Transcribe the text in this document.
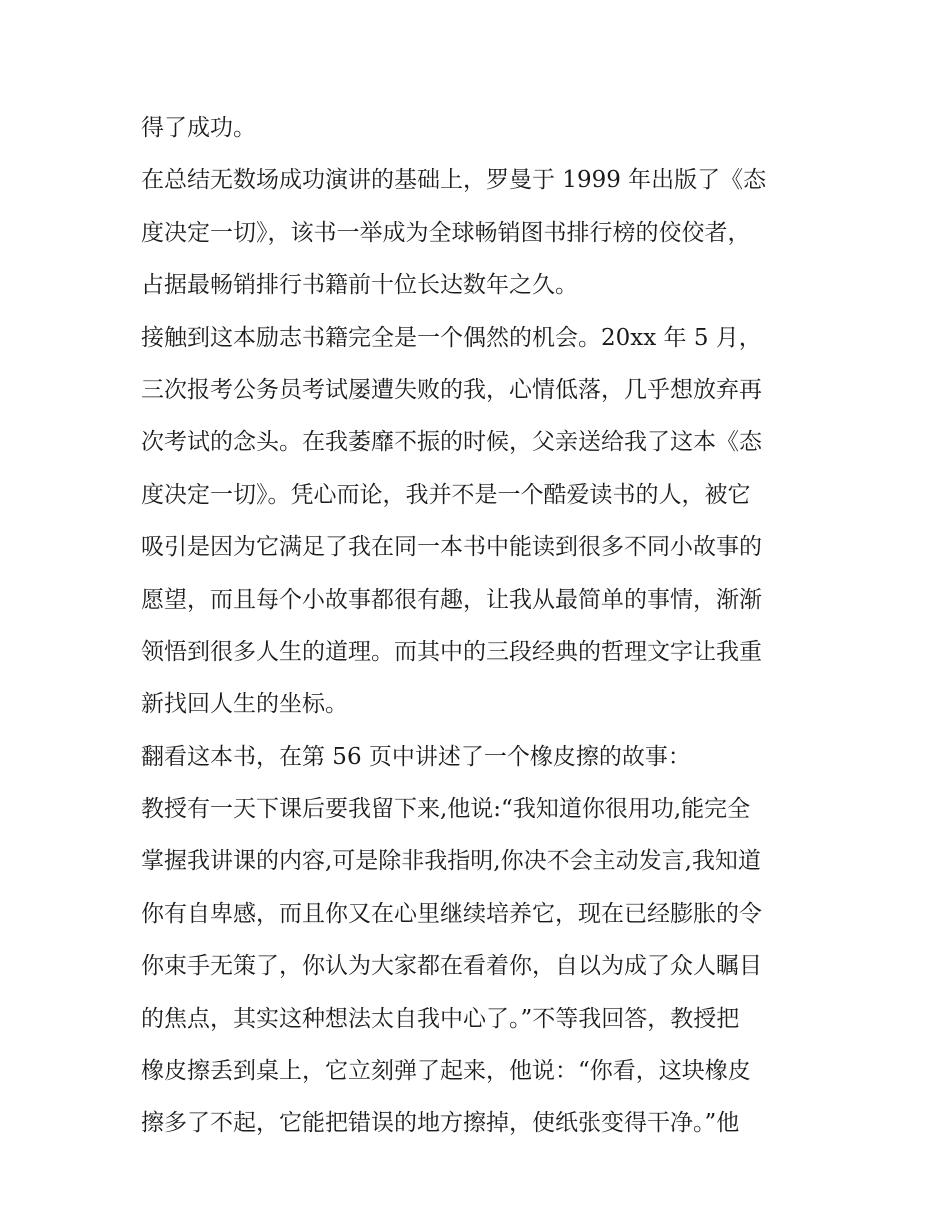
得了成功。
在总结无数场成功演讲的基础上，罗曼于 1999 年出版了《态
度决定一切》，该书一举成为全球畅销图书排行榜的佼佼者，
占据最畅销排行书籍前十位长达数年之久。
接触到这本励志书籍完全是一个偶然的机会。20xx 年 5 月，
三次报考公务员考试屡遭失败的我，心情低落，几乎想放弃再
次考试的念头。在我萎靡不振的时候，父亲送给我了这本《态
度决定一切》。凭心而论，我并不是一个酷爱读书的人，被它
吸引是因为它满足了我在同一本书中能读到很多不同小故事的
愿望，而且每个小故事都很有趣，让我从最简单的事情，渐渐
领悟到很多人生的道理。而其中的三段经典的哲理文字让我重
新找回人生的坐标。
翻看这本书，在第 56 页中讲述了一个橡皮擦的故事：
教授有一天下课后要我留下来,他说:“我知道你很用功,能完全
掌握我讲课的内容,可是除非我指明,你决不会主动发言,我知道
你有自卑感，而且你又在心里继续培养它，现在已经膨胀的令
你束手无策了，你认为大家都在看着你，自以为成了众人瞩目
的焦点，其实这种想法太自我中心了。”不等我回答，教授把
橡皮擦丢到桌上，它立刻弹了起来，他说：“你看，这块橡皮
擦多了不起，它能把错误的地方擦掉，使纸张变得干净。”他
